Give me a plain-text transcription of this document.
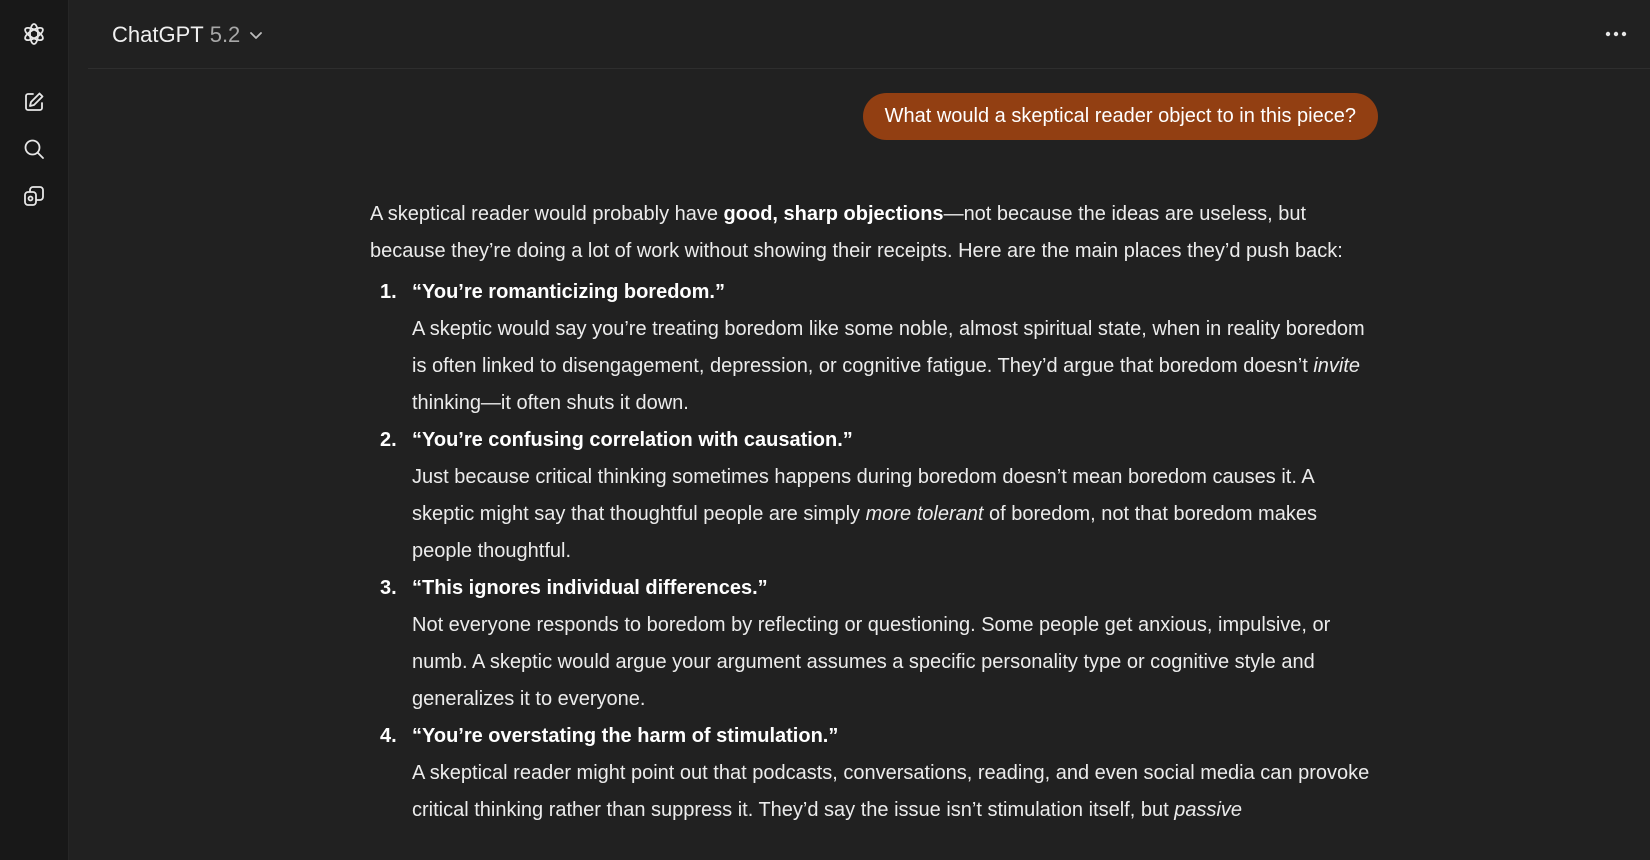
ChatGPT 5.2
What would a skeptical reader object to in this piece?

A skeptical reader would probably have good, sharp objections—not because the ideas are useless, but because they’re doing a lot of work without showing their receipts. Here are the main places they’d push back:

1. “You’re romanticizing boredom.”
A skeptic would say you’re treating boredom like some noble, almost spiritual state, when in reality boredom is often linked to disengagement, depression, or cognitive fatigue. They’d argue that boredom doesn’t invite thinking—it often shuts it down.
2. “You’re confusing correlation with causation.”
Just because critical thinking sometimes happens during boredom doesn’t mean boredom causes it. A skeptic might say that thoughtful people are simply more tolerant of boredom, not that boredom makes people thoughtful.
3. “This ignores individual differences.”
Not everyone responds to boredom by reflecting or questioning. Some people get anxious, impulsive, or numb. A skeptic would argue your argument assumes a specific personality type or cognitive style and generalizes it to everyone.
4. “You’re overstating the harm of stimulation.”
A skeptical reader might point out that podcasts, conversations, reading, and even social media can provoke critical thinking rather than suppress it. They’d say the issue isn’t stimulation itself, but passive
